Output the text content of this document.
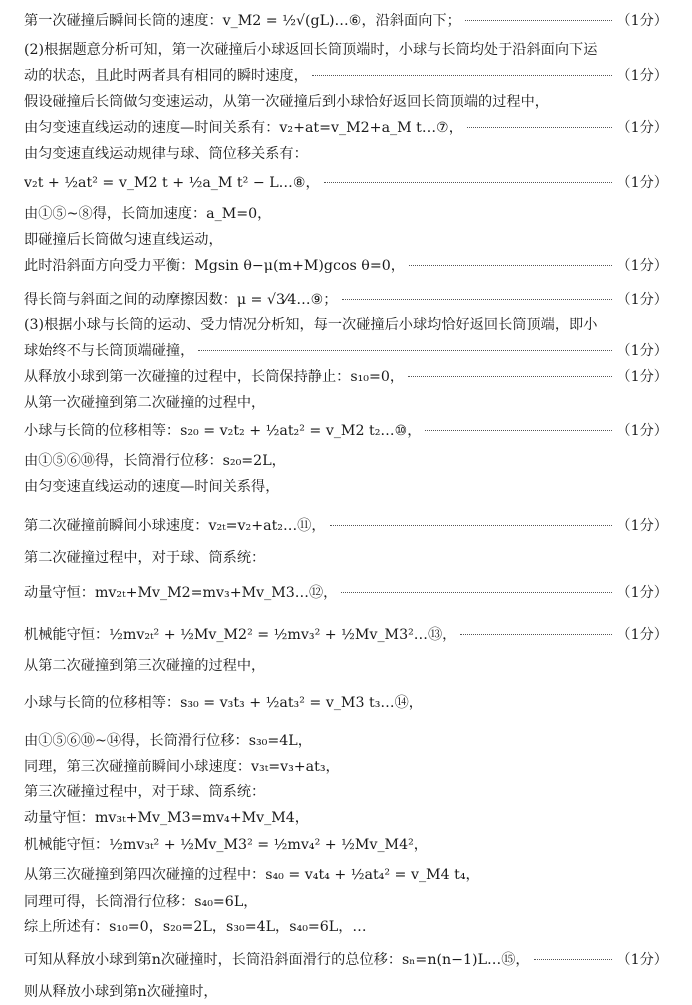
第一次碰撞后瞬间长筒的速度：v_M2 = ½√(gL)…⑥，沿斜面向下；	（1分）
(2)根据题意分析可知，第一次碰撞后小球返回长筒顶端时，小球与长筒均处于沿斜面向下运
动的状态，且此时两者具有相同的瞬时速度，	（1分）
假设碰撞后长筒做匀变速运动，从第一次碰撞后到小球恰好返回长筒顶端的过程中，
由匀变速直线运动的速度—时间关系有：v₂+at=v_M2+a_M t…⑦，	（1分）
由匀变速直线运动规律与球、筒位移关系有：
v₂t + ½at² = v_M2 t + ½a_M t² − L…⑧，	（1分）
由①⑤~⑧得，长筒加速度：a_M=0，
即碰撞后长筒做匀速直线运动，
此时沿斜面方向受力平衡：Mgsin θ−μ(m+M)gcos θ=0，	（1分）
得长筒与斜面之间的动摩擦因数：μ = √3⁄4…⑨；	（1分）
(3)根据小球与长筒的运动、受力情况分析知，每一次碰撞后小球均恰好返回长筒顶端，即小
球始终不与长筒顶端碰撞，	（1分）
从释放小球到第一次碰撞的过程中，长筒保持静止：s₁₀=0，	（1分）
从第一次碰撞到第二次碰撞的过程中，
小球与长筒的位移相等：s₂₀ = v₂t₂ + ½at₂² = v_M2 t₂…⑩，	（1分）
由①⑤⑥⑩得，长筒滑行位移：s₂₀=2L，
由匀变速直线运动的速度—时间关系得，
第二次碰撞前瞬间小球速度：v₂ₜ=v₂+at₂…⑪，	（1分）
第二次碰撞过程中，对于球、筒系统：
动量守恒：mv₂ₜ+Mv_M2=mv₃+Mv_M3…⑫，	（1分）
机械能守恒：½mv₂ₜ² + ½Mv_M2² = ½mv₃² + ½Mv_M3²…⑬，	（1分）
从第二次碰撞到第三次碰撞的过程中，
小球与长筒的位移相等：s₃₀ = v₃t₃ + ½at₃² = v_M3 t₃…⑭，
由①⑤⑥⑩~⑭得，长筒滑行位移：s₃₀=4L，
同理，第三次碰撞前瞬间小球速度：v₃ₜ=v₃+at₃，
第三次碰撞过程中，对于球、筒系统：
动量守恒：mv₃ₜ+Mv_M3=mv₄+Mv_M4，
机械能守恒：½mv₃ₜ² + ½Mv_M3² = ½mv₄² + ½Mv_M4²，
从第三次碰撞到第四次碰撞的过程中：s₄₀ = v₄t₄ + ½at₄² = v_M4 t₄，
同理可得，长筒滑行位移：s₄₀=6L，
综上所述有：s₁₀=0，s₂₀=2L，s₃₀=4L，s₄₀=6L，…
可知从释放小球到第n次碰撞时，长筒沿斜面滑行的总位移：sₙ=n(n−1)L…⑮，	（1分）
则从释放小球到第n次碰撞时，
